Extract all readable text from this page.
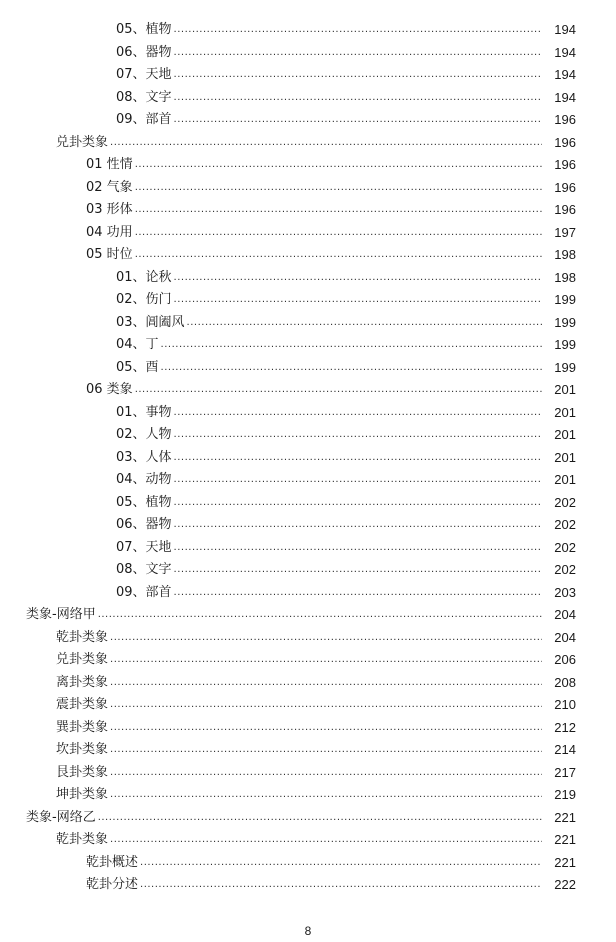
05、植物 .....	194
06、器物 .....	194
07、天地 .....	194
08、文字 .....	194
09、部首 .....	196
兑卦类象 .....	196
01 性情 .....	196
02 气象 .....	196
03 形体 .....	196
04 功用 .....	197
05 时位 .....	198
01、论秋 .....	198
02、伤门 .....	199
03、阊阖风 .....	199
04、丁 .....	199
05、酉 .....	199
06 类象 .....	201
01、事物 .....	201
02、人物 .....	201
03、人体 .....	201
04、动物 .....	201
05、植物 .....	202
06、器物 .....	202
07、天地 .....	202
08、文字 .....	202
09、部首 .....	203
类象-网络甲 .....	204
乾卦类象 .....	204
兑卦类象 .....	206
离卦类象 .....	208
震卦类象 .....	210
巽卦类象 .....	212
坎卦类象 .....	214
艮卦类象 .....	217
坤卦类象 .....	219
类象-网络乙 .....	221
乾卦类象 .....	221
乾卦概述 .....	221
乾卦分述 .....	222
8
